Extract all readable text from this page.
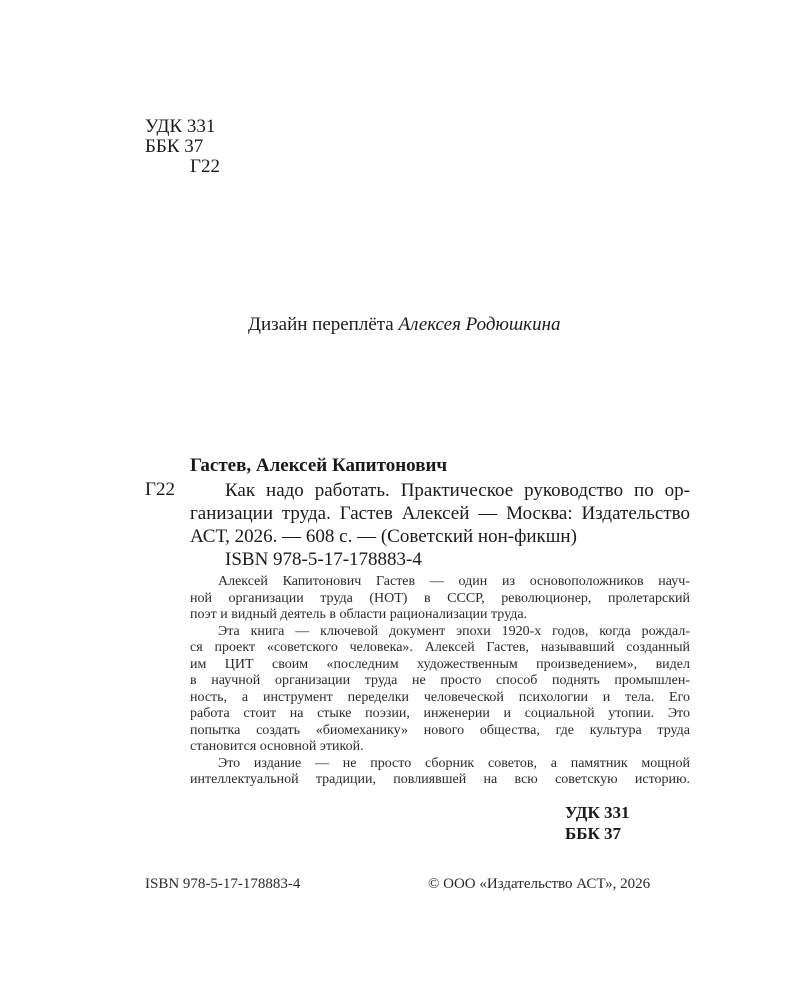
УДК 331
ББК 37
Г22
Дизайн переплёта Алексея Родюшкина
Гастев, Алексей Капитонович
Г22	Как надо работать. Практическое руководство по ор-
ганизации труда. Гастев Алексей — Москва: Издательство
АСТ, 2026. — 608 с. — (Советский нон-фикшн)
ISBN 978-5-17-178883-4
Алексей Капитонович Гастев — один из основоположников науч-
ной организации труда (НОТ) в СССР, революционер, пролетарский
поэт и видный деятель в области рационализации труда.
Эта книга — ключевой документ эпохи 1920-х годов, когда рождал-
ся проект «советского человека». Алексей Гастев, называвший созданный
им ЦИТ своим «последним художественным произведением», видел
в научной организации труда не просто способ поднять промышлен-
ность, а инструмент переделки человеческой психологии и тела. Его
работа стоит на стыке поэзии, инженерии и социальной утопии. Это
попытка создать «биомеханику» нового общества, где культура труда
становится основной этикой.
Это издание — не просто сборник советов, а памятник мощной
интеллектуальной традиции, повлиявшей на всю советскую историю.
УДК 331
ББК 37
ISBN 978-5-17-178883-4	© ООО «Издательство АСТ», 2026
